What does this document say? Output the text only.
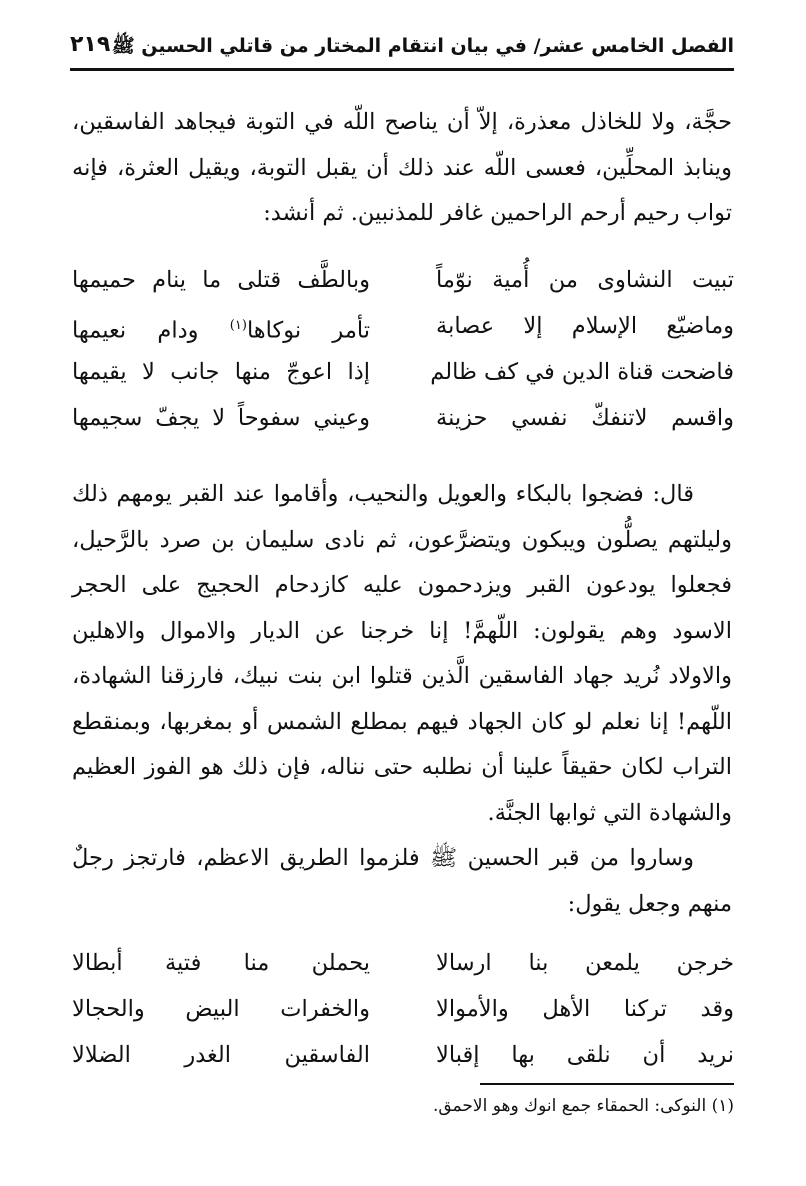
الفصل الخامس عشر/ في بيان انتقام المختار من قاتلي الحسين ﷺ
٢١٩
حجَّة، ولا للخاذل معذرة، إلاّ أن يناصح اللّه في التوبة فيجاهد الفاسقين، وينابذ المحلِّين، فعسى اللّه عند ذلك أن يقبل التوبة، ويقيل العثرة، فإنه تواب رحيم أرحم الراحمين غافر للمذنبين. ثم أنشد:
تبيت النشاوى من أُمية نوّماً
وبالطَّف قتلى ما ينام حميمها
وماضيّع الإسلام إلا عصابة
تأمر نوكاها$^{(١)}$ ودام نعيمها
فاضحت قناة الدين في كف ظالم
إذا اعوجّ منها جانب لا يقيمها
واقسم لاتنفكّ نفسي حزينة
وعيني سفوحاً لا يجفّ سجيمها
قال: فضجوا بالبكاء والعويل والنحيب، وأقاموا عند القبر يومهم ذلك وليلتهم يصلُّون ويبكون ويتضرَّعون، ثم نادى سليمان بن صرد بالرَّحيل، فجعلوا يودعون القبر ويزدحمون عليه كازدحام الحجيج على الحجر الاسود وهم يقولون: اللّهمَّ! إنا خرجنا عن الديار والاموال والاهلين والاولاد نُريد جهاد الفاسقين الَّذين قتلوا ابن بنت نبيك، فارزقنا الشهادة، اللّهم! إنا نعلم لو كان الجهاد فيهم بمطلع الشمس أو بمغربها، وبمنقطع التراب لكان حقيقاً علينا أن نطلبه حتى نناله، فإن ذلك هو الفوز العظيم والشهادة التي ثوابها الجنَّة.
وساروا من قبر الحسين ﷺ فلزموا الطريق الاعظم، فارتجز رجلٌ منهم وجعل يقول:
خرجن يلمعن بنا ارسالا
يحملن منا فتية أبطالا
وقد تركنا الأهل والأموالا
والخفرات البيض والحجالا
نريد أن نلقى بها إقبالا
الفاسقين الغدر الضلالا
(١) النوكى: الحمقاء جمع انوك وهو الاحمق.
